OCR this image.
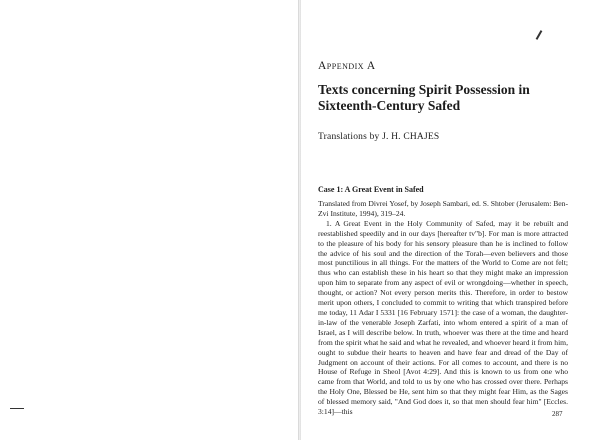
Appendix A
Texts concerning Spirit Possession in
Sixteenth-Century Safed
Translations by J. H. CHAJES
Case 1: A Great Event in Safed

Translated from Divrei Yosef, by Joseph Sambari, ed. S. Shtober (Jerusalem: Ben-Zvi Institute, 1994), 319–24.

1. A Great Event in the Holy Community of Safed, may it be rebuilt and reestablished speedily and in our days [hereafter tv"b]. For man is more attracted to the pleasure of his body for his sensory pleasure than he is inclined to follow the advice of his soul and the direction of the Torah—even believers and those most punctilious in all things. For the matters of the World to Come are not felt; thus who can establish these in his heart so that they might make an impression upon him to separate from any aspect of evil or wrongdoing—whether in speech, thought, or action? Not every person merits this. Therefore, in order to bestow merit upon others, I concluded to commit to writing that which transpired before me today, 11 Adar I 5331 [16 February 1571]: the case of a woman, the daughter-in-law of the venerable Joseph Zarfati, into whom entered a spirit of a man of Israel, as I will describe below. In truth, whoever was there at the time and heard from the spirit what he said and what he revealed, and whoever heard it from him, ought to subdue their hearts to heaven and have fear and dread of the Day of Judgment on account of their actions. For all comes to account, and there is no House of Refuge in Sheol [Avot 4:29]. And this is known to us from one who came from that World, and told to us by one who has crossed over there. Perhaps the Holy One, Blessed be He, sent him so that they might fear Him, as the Sages of blessed memory said, "And God does it, so that men should fear him" [Eccles. 3:14]—this	287
